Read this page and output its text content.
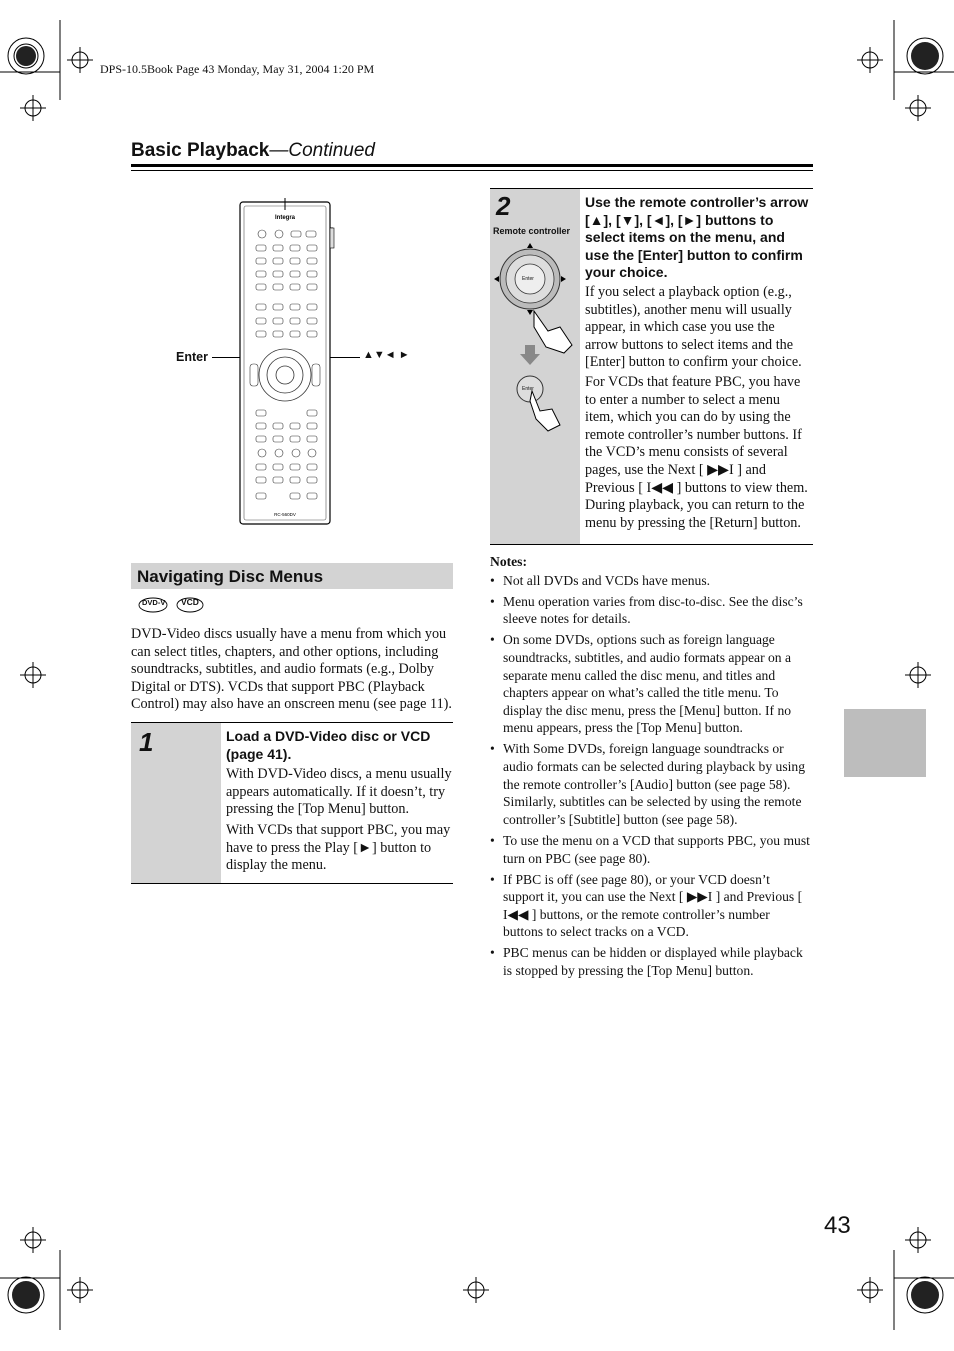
DPS-10.5Book Page 43 Monday, May 31, 2004 1:20 PM
Basic Playback—Continued
Enter	▲▼◄ ►
Integra
RC-560DV
Navigating Disc Menus
DVD-V VCD

DVD-Video discs usually have a menu from which you can select titles, chapters, and other options, including soundtracks, subtitles, and audio formats (e.g., Dolby Digital or DTS). VCDs that support PBC (Playback Control) may also have an onscreen menu (see page 11).

1	Load a DVD-Video disc or VCD (page 41).

With DVD-Video discs, a menu usually appears automatically. If it doesn’t, try pressing the [Top Menu] button.

With VCDs that support PBC, you may have to press the Play [►] button to display the menu.

2
Remote controller
Enter
Enter

Use the remote controller’s arrow [▲], [▼], [◄], [►] buttons to select items on the menu, and use the [Enter] button to confirm your choice.

If you select a playback option (e.g., subtitles), another menu will usually appear, in which case you use the arrow buttons to select items and the [Enter] button to confirm your choice.

For VCDs that feature PBC, you have to enter a number to select a menu item, which you can do by using the remote controller’s number buttons. If the VCD’s menu consists of several pages, use the Next [ ▶▶I ] and Previous [ I◀◀ ] buttons to view them. During playback, you can return to the menu by pressing the [Return] button.

Notes:
• Not all DVDs and VCDs have menus.
• Menu operation varies from disc-to-disc. See the disc’s sleeve notes for details.
• On some DVDs, options such as foreign language soundtracks, subtitles, and audio formats appear on a separate menu called the disc menu, and titles and chapters appear on what’s called the title menu. To display the disc menu, press the [Menu] button. If no menu appears, press the [Top Menu] button.
• With Some DVDs, foreign language soundtracks or audio formats can be selected during playback by using the remote controller’s [Audio] button (see page 58). Similarly, subtitles can be selected by using the remote controller’s [Subtitle] button (see page 58).
• To use the menu on a VCD that supports PBC, you must turn on PBC (see page 80).
• If PBC is off (see page 80), or your VCD doesn’t support it, you can use the Next [ ▶▶I ] and Previous [ I◀◀ ] buttons, or the remote controller’s number buttons to select tracks on a VCD.
• PBC menus can be hidden or displayed while playback is stopped by pressing the [Top Menu] button.
43
